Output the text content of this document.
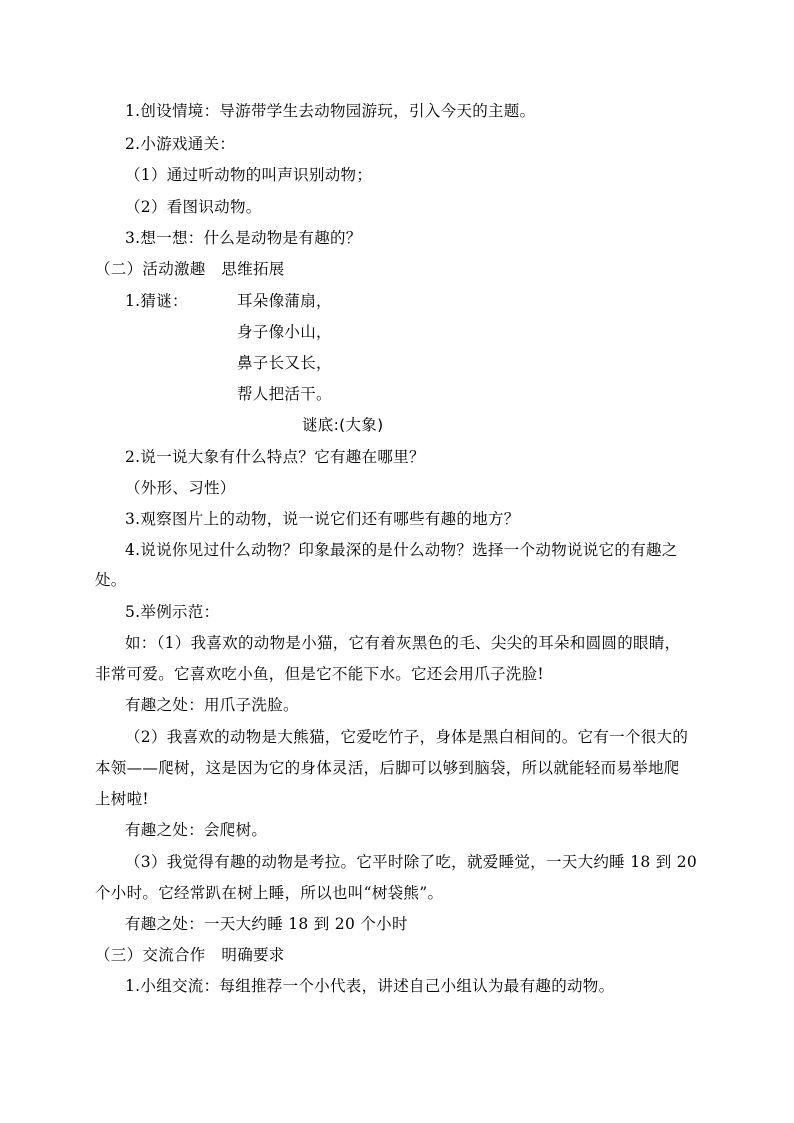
1.创设情境：导游带学生去动物园游玩，引入今天的主题。
2.小游戏通关：
（1）通过听动物的叫声识别动物；
（2）看图识动物。
3.想一想：什么是动物是有趣的？
（二）活动激趣　思维拓展
1.猜谜：	耳朵像蒲扇，
身子像小山，
鼻子长又长，
帮人把活干。
谜底:(大象)
2.说一说大象有什么特点？它有趣在哪里？
（外形、习性）
3.观察图片上的动物，说一说它们还有哪些有趣的地方？
4.说说你见过什么动物？印象最深的是什么动物？选择一个动物说说它的有趣之
处。
5.举例示范：
如：（1）我喜欢的动物是小猫，它有着灰黑色的毛、尖尖的耳朵和圆圆的眼睛，
非常可爱。它喜欢吃小鱼，但是它不能下水。它还会用爪子洗脸!
有趣之处：用爪子洗脸。
（2）我喜欢的动物是大熊猫，它爱吃竹子，身体是黑白相间的。它有一个很大的
本领——爬树，这是因为它的身体灵活，后脚可以够到脑袋，所以就能轻而易举地爬
上树啦!
有趣之处：会爬树。
（3）我觉得有趣的动物是考拉。它平时除了吃，就爱睡觉，一天大约睡 18 到 20
个小时。它经常趴在树上睡，所以也叫“树袋熊”。
有趣之处：一天大约睡 18 到 20 个小时
（三）交流合作　明确要求
1.小组交流：每组推荐一个小代表，讲述自己小组认为最有趣的动物。
